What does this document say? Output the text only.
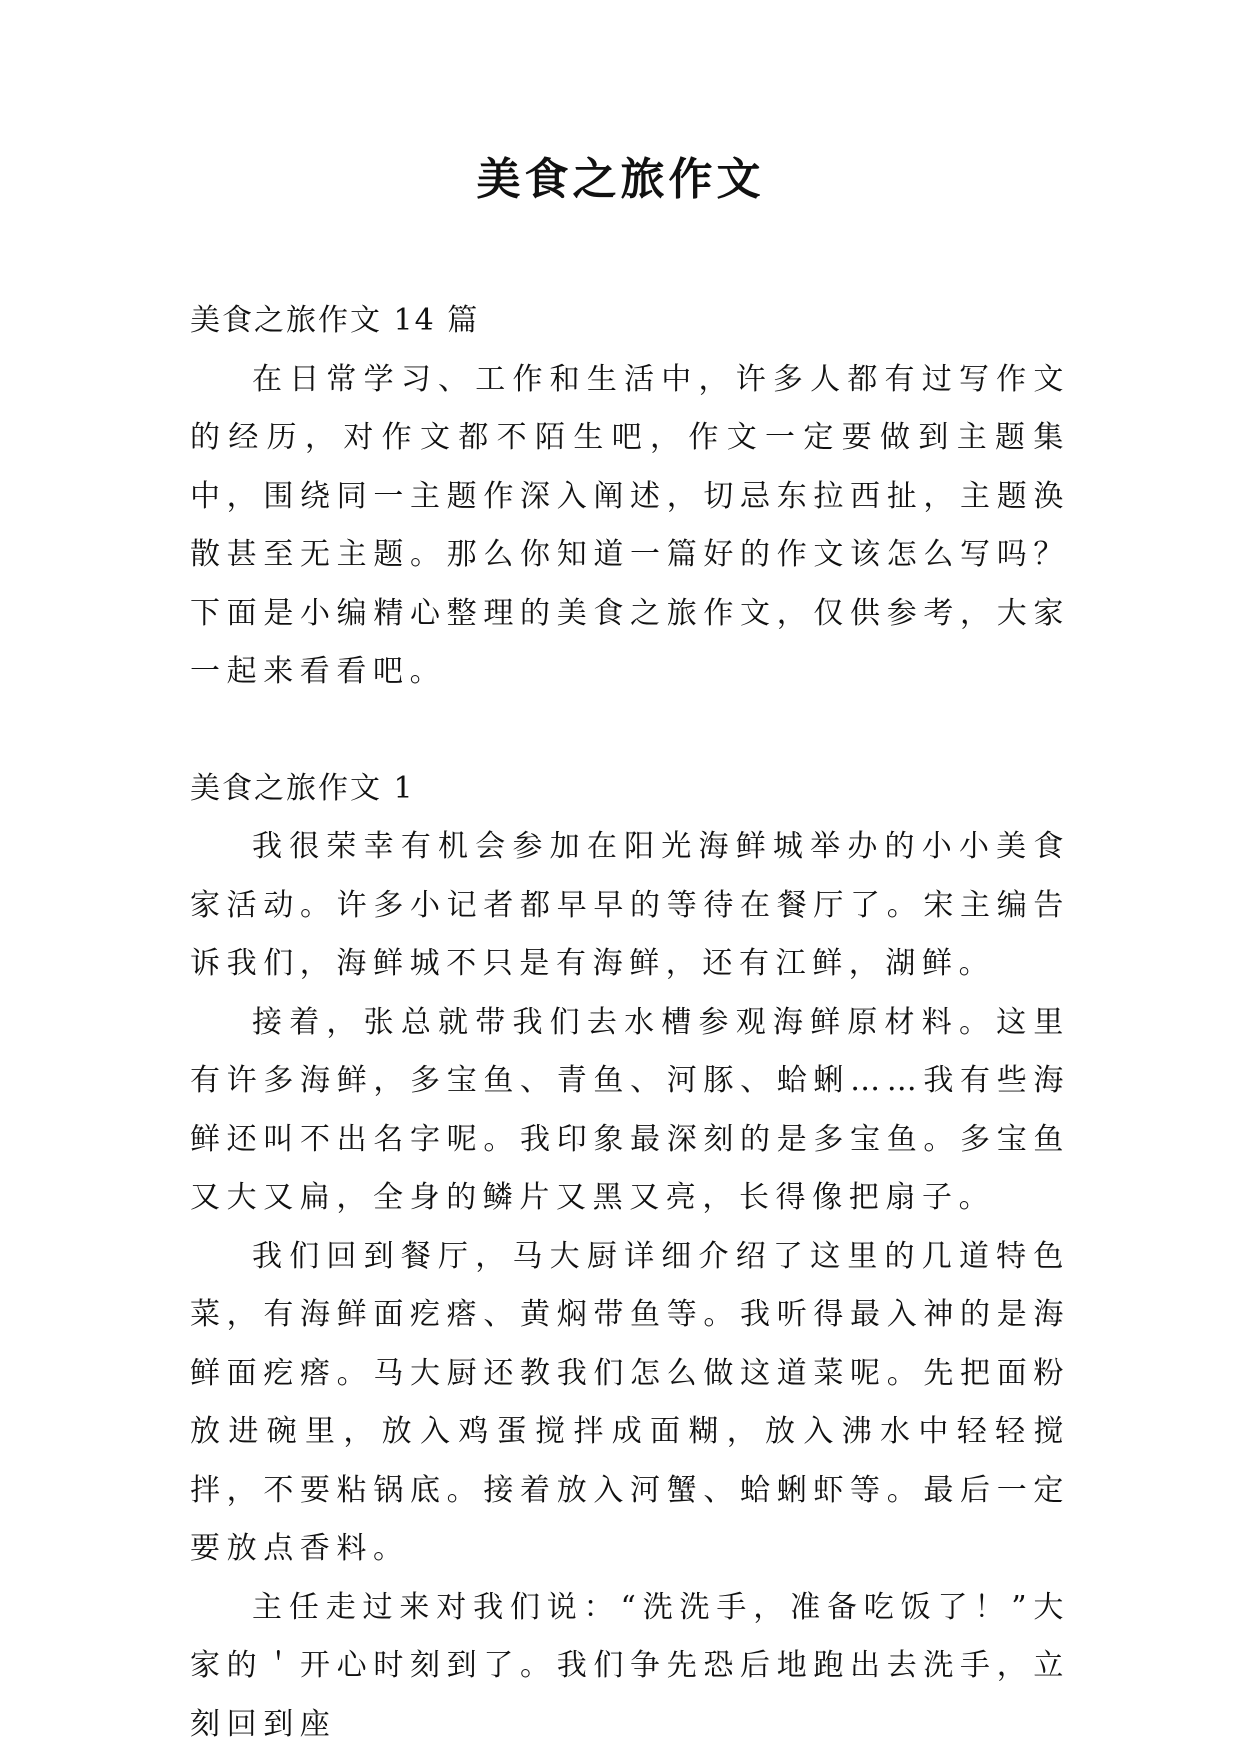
美食之旅作文

美食之旅作文 14 篇

在日常学习、工作和生活中，许多人都有过写作文的经历，对作文都不陌生吧，作文一定要做到主题集中，围绕同一主题作深入阐述，切忌东拉西扯，主题涣散甚至无主题。那么你知道一篇好的作文该怎么写吗？下面是小编精心整理的美食之旅作文，仅供参考，大家一起来看看吧。

美食之旅作文 1

我很荣幸有机会参加在阳光海鲜城举办的小小美食家活动。许多小记者都早早的等待在餐厅了。宋主编告诉我们，海鲜城不只是有海鲜，还有江鲜，湖鲜。

接着，张总就带我们去水槽参观海鲜原材料。这里有许多海鲜，多宝鱼、青鱼、河豚、蛤蜊……我有些海鲜还叫不出名字呢。我印象最深刻的是多宝鱼。多宝鱼又大又扁，全身的鳞片又黑又亮，长得像把扇子。

我们回到餐厅，马大厨详细介绍了这里的几道特色菜，有海鲜面疙瘩、黄焖带鱼等。我听得最入神的是海鲜面疙瘩。马大厨还教我们怎么做这道菜呢。先把面粉放进碗里，放入鸡蛋搅拌成面糊，放入沸水中轻轻搅拌，不要粘锅底。接着放入河蟹、蛤蜊虾等。最后一定要放点香料。

主任走过来对我们说：“洗洗手，准备吃饭了！”大家的＇开心时刻到了。我们争先恐后地跑出去洗手，立刻回到座
